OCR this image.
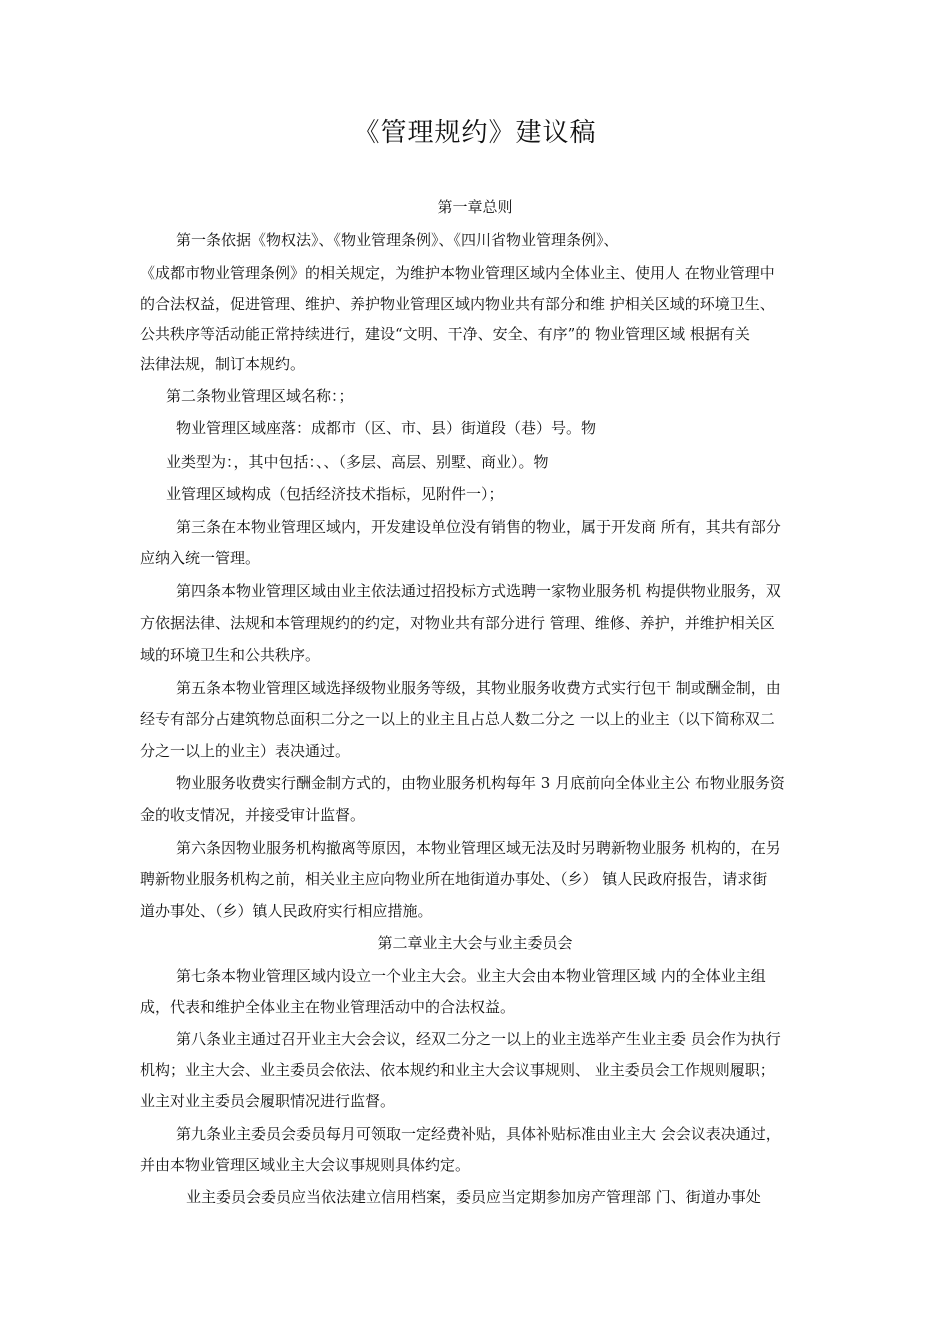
《管理规约》建议稿
第一章总则
第一条依据《物权法》、《物业管理条例》、《四川省物业管理条例》、
《成都市物业管理条例》的相关规定，为维护本物业管理区域内全体业主、使用人 在物业管理中
的合法权益，促进管理、维护、养护物业管理区域内物业共有部分和维 护相关区域的环境卫生、
公共秩序等活动能正常持续进行，建设“文明、干净、安全、有序”的 物业管理区域 根据有关
法律法规，制订本规约。
第二条物业管理区域名称：；
物业管理区域座落：成都市（区、市、县）街道段（巷）号。物
业类型为：，其中包括：、、（多层、高层、别墅、商业）。物
业管理区域构成（包括经济技术指标，见附件一）；
第三条在本物业管理区域内，开发建设单位没有销售的物业，属于开发商 所有，其共有部分
应纳入统一管理。
第四条本物业管理区域由业主依法通过招投标方式选聘一家物业服务机 构提供物业服务，双
方依据法律、法规和本管理规约的约定，对物业共有部分进行 管理、维修、养护，并维护相关区
域的环境卫生和公共秩序。
第五条本物业管理区域选择级物业服务等级，其物业服务收费方式实行包干 制或酬金制，由
经专有部分占建筑物总面积二分之一以上的业主且占总人数二分之 一以上的业主（以下简称双二
分之一以上的业主）表决通过。
物业服务收费实行酬金制方式的，由物业服务机构每年 3 月底前向全体业主公 布物业服务资
金的收支情况，并接受审计监督。
第六条因物业服务机构撤离等原因，本物业管理区域无法及时另聘新物业服务 机构的，在另
聘新物业服务机构之前，相关业主应向物业所在地街道办事处、（乡） 镇人民政府报告，请求街
道办事处、（乡）镇人民政府实行相应措施。
第二章业主大会与业主委员会
第七条本物业管理区域内设立一个业主大会。业主大会由本物业管理区域 内的全体业主组
成，代表和维护全体业主在物业管理活动中的合法权益。
第八条业主通过召开业主大会会议，经双二分之一以上的业主选举产生业主委 员会作为执行
机构；业主大会、业主委员会依法、依本规约和业主大会议事规则、 业主委员会工作规则履职；
业主对业主委员会履职情况进行监督。
第九条业主委员会委员每月可领取一定经费补贴，具体补贴标准由业主大 会会议表决通过，
并由本物业管理区域业主大会议事规则具体约定。
业主委员会委员应当依法建立信用档案，委员应当定期参加房产管理部 门、街道办事处
